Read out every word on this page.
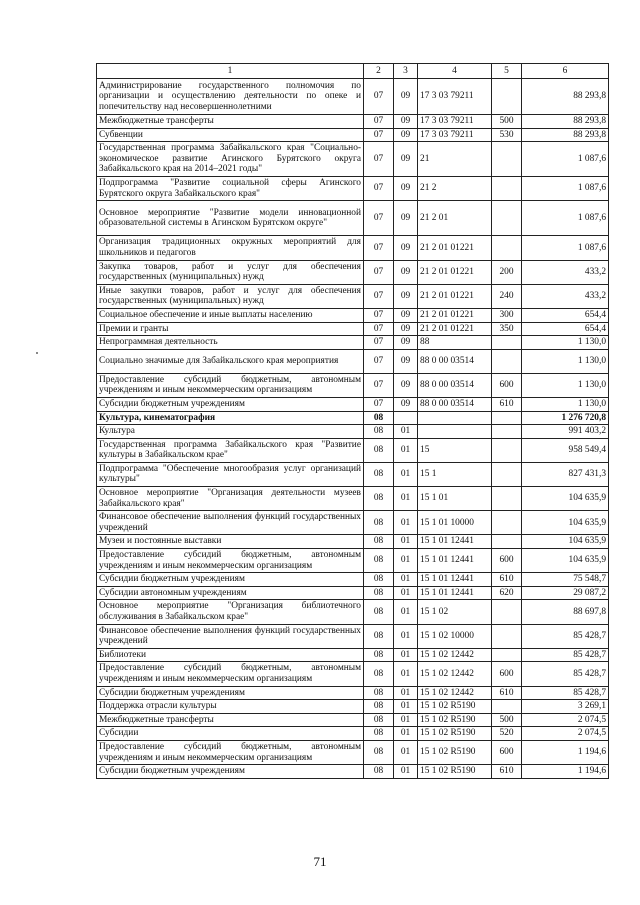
1	2	3	4	5	6
Администрирование государственного полномочия по организации и осуществлению деятельности по опеке и попечительству над несовершеннолетними	07	09	17 3 03 79211		88 293,8
Межбюджетные трансферты	07	09	17 3 03 79211	500	88 293,8
Субвенции	07	09	17 3 03 79211	530	88 293,8
Государственная программа Забайкальского края "Социально-экономическое развитие Агинского Бурятского округа Забайкальского края на 2014–2021 годы"	07	09	21		1 087,6
Подпрограмма "Развитие социальной сферы Агинского Бурятского округа Забайкальского края"	07	09	21 2		1 087,6
Основное мероприятие "Развитие модели инновационной образовательной системы в Агинском Бурятском округе"	07	09	21 2 01		1 087,6
Организация традиционных окружных мероприятий для школьников и педагогов	07	09	21 2 01 01221		1 087,6
Закупка товаров, работ и услуг для обеспечения государственных (муниципальных) нужд	07	09	21 2 01 01221	200	433,2
Иные закупки товаров, работ и услуг для обеспечения государственных (муниципальных) нужд	07	09	21 2 01 01221	240	433,2
Социальное обеспечение и иные выплаты населению	07	09	21 2 01 01221	300	654,4
Премии и гранты	07	09	21 2 01 01221	350	654,4
Непрограммная деятельность	07	09	88		1 130,0
Социально значимые для Забайкальского края мероприятия	07	09	88 0 00 03514		1 130,0
Предоставление субсидий бюджетным, автономным учреждениям и иным некоммерческим организациям	07	09	88 0 00 03514	600	1 130,0
Субсидии бюджетным учреждениям	07	09	88 0 00 03514	610	1 130,0
Культура, кинематография	08				1 276 720,8
Культура	08	01			991 403,2
Государственная программа Забайкальского края "Развитие культуры в Забайкальском крае"	08	01	15		958 549,4
Подпрограмма "Обеспечение многообразия услуг организаций культуры"	08	01	15 1		827 431,3
Основное мероприятие "Организация деятельности музеев Забайкальского края"	08	01	15 1 01		104 635,9
Финансовое обеспечение выполнения функций государственных учреждений	08	01	15 1 01 10000		104 635,9
Музеи и постоянные выставки	08	01	15 1 01 12441		104 635,9
Предоставление субсидий бюджетным, автономным учреждениям и иным некоммерческим организациям	08	01	15 1 01 12441	600	104 635,9
Субсидии бюджетным учреждениям	08	01	15 1 01 12441	610	75 548,7
Субсидии автономным учреждениям	08	01	15 1 01 12441	620	29 087,2
Основное мероприятие "Организация библиотечного обслуживания в Забайкальском крае"	08	01	15 1 02		88 697,8
Финансовое обеспечение выполнения функций государственных учреждений	08	01	15 1 02 10000		85 428,7
Библиотеки	08	01	15 1 02 12442		85 428,7
Предоставление субсидий бюджетным, автономным учреждениям и иным некоммерческим организациям	08	01	15 1 02 12442	600	85 428,7
Субсидии бюджетным учреждениям	08	01	15 1 02 12442	610	85 428,7
Поддержка отрасли культуры	08	01	15 1 02 R5190		3 269,1
Межбюджетные трансферты	08	01	15 1 02 R5190	500	2 074,5
Субсидии	08	01	15 1 02 R5190	520	2 074,5
Предоставление субсидий бюджетным, автономным учреждениям и иным некоммерческим организациям	08	01	15 1 02 R5190	600	1 194,6
Субсидии бюджетным учреждениям	08	01	15 1 02 R5190	610	1 194,6
71
